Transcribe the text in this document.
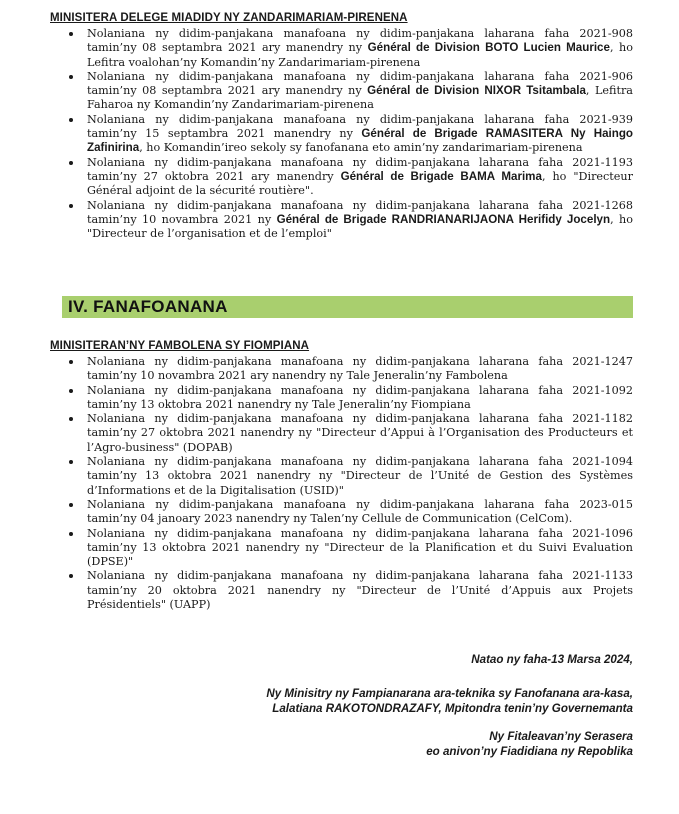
MINISITERA DELEGE MIADIDY NY ZANDARIMARIAM-PIRENENA
Nolaniana ny didim-panjakana manafoana ny didim-panjakana laharana faha 2021-908 tamin’ny 08 septambra 2021 ary manendry ny Général de Division BOTO Lucien Maurice, ho Lefitra voalohan’ny Komandin’ny Zandarimariam-pirenena
Nolaniana ny didim-panjakana manafoana ny didim-panjakana laharana faha 2021-906 tamin’ny 08 septambra 2021 ary manendry ny Général de Division NIXOR Tsitambala, Lefitra Faharoa ny Komandin’ny Zandarimariam-pirenena
Nolaniana ny didim-panjakana manafoana ny didim-panjakana laharana faha 2021-939 tamin’ny 15 septambra 2021 manendry ny Général de Brigade RAMASITERA Ny Haingo Zafinirina, ho Komandin’ireo sekoly sy fanofanana eto amin’ny zandarimariam-pirenena
Nolaniana ny didim-panjakana manafoana ny didim-panjakana laharana faha 2021-1193 tamin’ny 27 oktobra 2021 ary manendry Général de Brigade BAMA Marima, ho "Directeur Général adjoint de la sécurité routière".
Nolaniana ny didim-panjakana manafoana ny didim-panjakana laharana faha 2021-1268 tamin’ny 10 novambra 2021 ny Général de Brigade RANDRIANARIJAONA Herifidy Jocelyn, ho "Directeur de l’organisation et de l’emploi"
IV. FANAFOANANA
MINISITERAN’NY FAMBOLENA SY FIOMPIANA
Nolaniana ny didim-panjakana manafoana ny didim-panjakana laharana faha 2021-1247 tamin’ny 10 novambra 2021 ary nanendry ny Tale Jeneralin’ny Fambolena
Nolaniana ny didim-panjakana manafoana ny didim-panjakana laharana faha 2021-1092 tamin’ny 13 oktobra 2021 nanendry ny Tale Jeneralin’ny Fiompiana
Nolaniana ny didim-panjakana manafoana ny didim-panjakana laharana faha 2021-1182 tamin’ny 27 oktobra 2021 nanendry ny "Directeur d’Appui à l’Organisation des Producteurs et l’Agro-business" (DOPAB)
Nolaniana ny didim-panjakana manafoana ny didim-panjakana laharana faha 2021-1094 tamin’ny 13 oktobra 2021 nanendry ny "Directeur de l’Unité de Gestion des Systèmes d’Informations et de la Digitalisation (USID)"
Nolaniana ny didim-panjakana manafoana ny didim-panjakana laharana faha 2023-015 tamin’ny 04 janoary 2023 nanendry ny Talen’ny Cellule de Communication (CelCom).
Nolaniana ny didim-panjakana manafoana ny didim-panjakana laharana faha 2021-1096 tamin’ny 13 oktobra 2021 nanendry ny "Directeur de la Planification et du Suivi Evaluation (DPSE)"
Nolaniana ny didim-panjakana manafoana ny didim-panjakana laharana faha 2021-1133 tamin’ny 20 oktobra 2021 nanendry ny "Directeur de l’Unité d’Appuis aux Projets Présidentiels" (UAPP)
Natao ny faha-13 Marsa 2024,
Ny Minisitry ny Fampianarana ara-teknika sy Fanofanana ara-kasa,
Lalatiana RAKOTONDRAZAFY, Mpitondra tenin’ny Governemanta
Ny Fitaleavan’ny Serasera
eo anivon’ny Fiadidiana ny Repoblika
